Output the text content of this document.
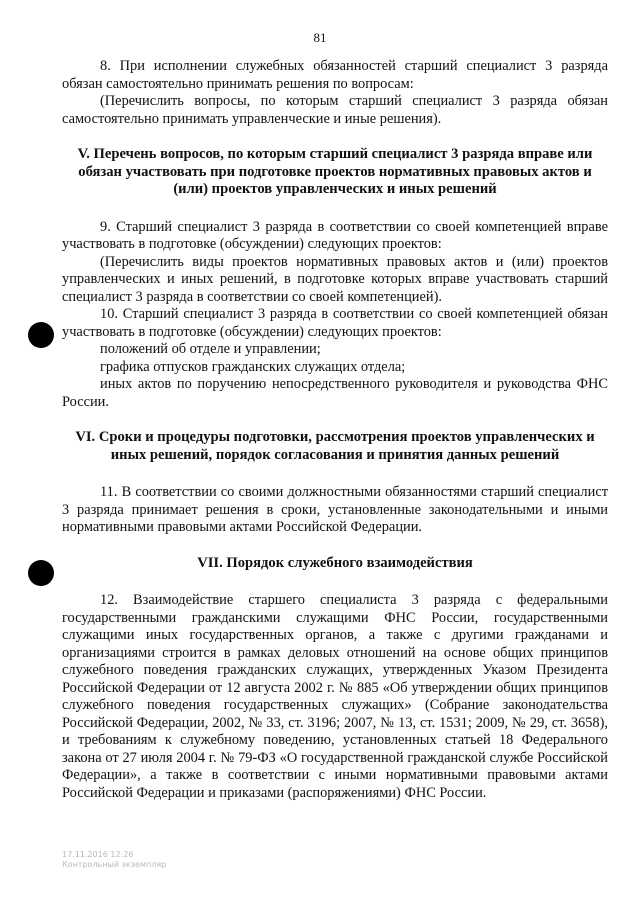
81

8. При исполнении служебных обязанностей старший специалист 3 разряда обязан самостоятельно принимать решения по вопросам:

(Перечислить вопросы, по которым старший специалист 3 разряда обязан самостоятельно принимать управленческие и иные решения).

V. Перечень вопросов, по которым старший специалист 3 разряда вправе или обязан участвовать при подготовке проектов нормативных правовых актов и (или) проектов управленческих и иных решений

9. Старший специалист 3 разряда в соответствии со своей компетенцией вправе участвовать в подготовке (обсуждении) следующих проектов:

(Перечислить виды проектов нормативных правовых актов и (или) проектов управленческих и иных решений, в подготовке которых вправе участвовать старший специалист 3 разряда в соответствии со своей компетенцией).

10. Старший специалист 3 разряда в соответствии со своей компетенцией обязан участвовать в подготовке (обсуждении) следующих проектов:

положений об отделе и управлении;

графика отпусков гражданских служащих отдела;

иных актов по поручению непосредственного руководителя и руководства ФНС России.

VI. Сроки и процедуры подготовки, рассмотрения проектов управленческих и иных решений, порядок согласования и принятия данных решений

11. В соответствии со своими должностными обязанностями старший специалист 3 разряда принимает решения в сроки, установленные законодательными и иными нормативными правовыми актами Российской Федерации.

VII. Порядок служебного взаимодействия

12. Взаимодействие старшего специалиста 3 разряда с федеральными государственными гражданскими служащими ФНС России, государственными служащими иных государственных органов, а также с другими гражданами и организациями строится в рамках деловых отношений на основе общих принципов служебного поведения гражданских служащих, утвержденных Указом Президента Российской Федерации от 12 августа 2002 г. № 885 «Об утверждении общих принципов служебного поведения государственных служащих» (Собрание законодательства Российской Федерации, 2002, № 33, ст. 3196; 2007, № 13, ст. 1531; 2009, № 29, ст. 3658), и требованиям к служебному поведению, установленных статьей 18 Федерального закона от 27 июля 2004 г. № 79-ФЗ «О государственной гражданской службе Российской Федерации», а также в соответствии с иными нормативными правовыми актами Российской Федерации и приказами (распоряжениями) ФНС России.

17.11.2016 12:26
Контрольный экземпляр
